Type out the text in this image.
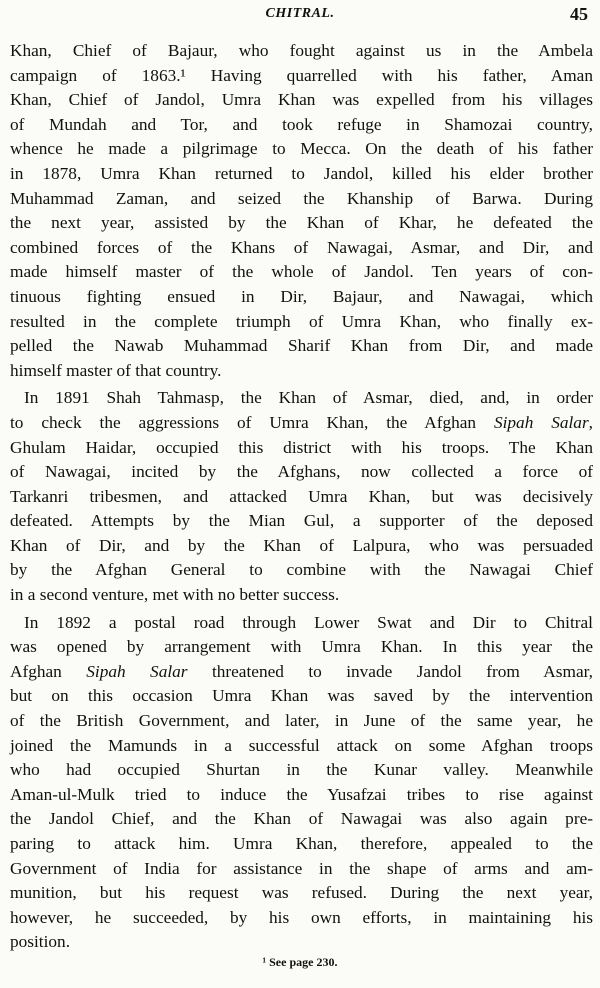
CHITRAL.	45

Khan, Chief of Bajaur, who fought against us in the Ambela
campaign of 1863.¹ Having quarrelled with his father, Aman
Khan, Chief of Jandol, Umra Khan was expelled from his villages
of Mundah and Tor, and took refuge in Shamozai country,
whence he made a pilgrimage to Mecca. On the death of his father
in 1878, Umra Khan returned to Jandol, killed his elder brother
Muhammad Zaman, and seized the Khanship of Barwa. During
the next year, assisted by the Khan of Khar, he defeated the
combined forces of the Khans of Nawagai, Asmar, and Dir, and
made himself master of the whole of Jandol. Ten years of con-
tinuous fighting ensued in Dir, Bajaur, and Nawagai, which
resulted in the complete triumph of Umra Khan, who finally ex-
pelled the Nawab Muhammad Sharif Khan from Dir, and made
himself master of that country.

In 1891 Shah Tahmasp, the Khan of Asmar, died, and, in order
to check the aggressions of Umra Khan, the Afghan Sipah Salar,
Ghulam Haidar, occupied this district with his troops. The Khan
of Nawagai, incited by the Afghans, now collected a force of
Tarkanri tribesmen, and attacked Umra Khan, but was decisively
defeated. Attempts by the Mian Gul, a supporter of the deposed
Khan of Dir, and by the Khan of Lalpura, who was persuaded
by the Afghan General to combine with the Nawagai Chief
in a second venture, met with no better success.

In 1892 a postal road through Lower Swat and Dir to Chitral
was opened by arrangement with Umra Khan. In this year the
Afghan Sipah Salar threatened to invade Jandol from Asmar,
but on this occasion Umra Khan was saved by the intervention
of the British Government, and later, in June of the same year, he
joined the Mamunds in a successful attack on some Afghan troops
who had occupied Shurtan in the Kunar valley. Meanwhile
Aman-ul-Mulk tried to induce the Yusafzai tribes to rise against
the Jandol Chief, and the Khan of Nawagai was also again pre-
paring to attack him. Umra Khan, therefore, appealed to the
Government of India for assistance in the shape of arms and am-
munition, but his request was refused. During the next year,
however, he succeeded, by his own efforts, in maintaining his
position.

¹ See page 230.
